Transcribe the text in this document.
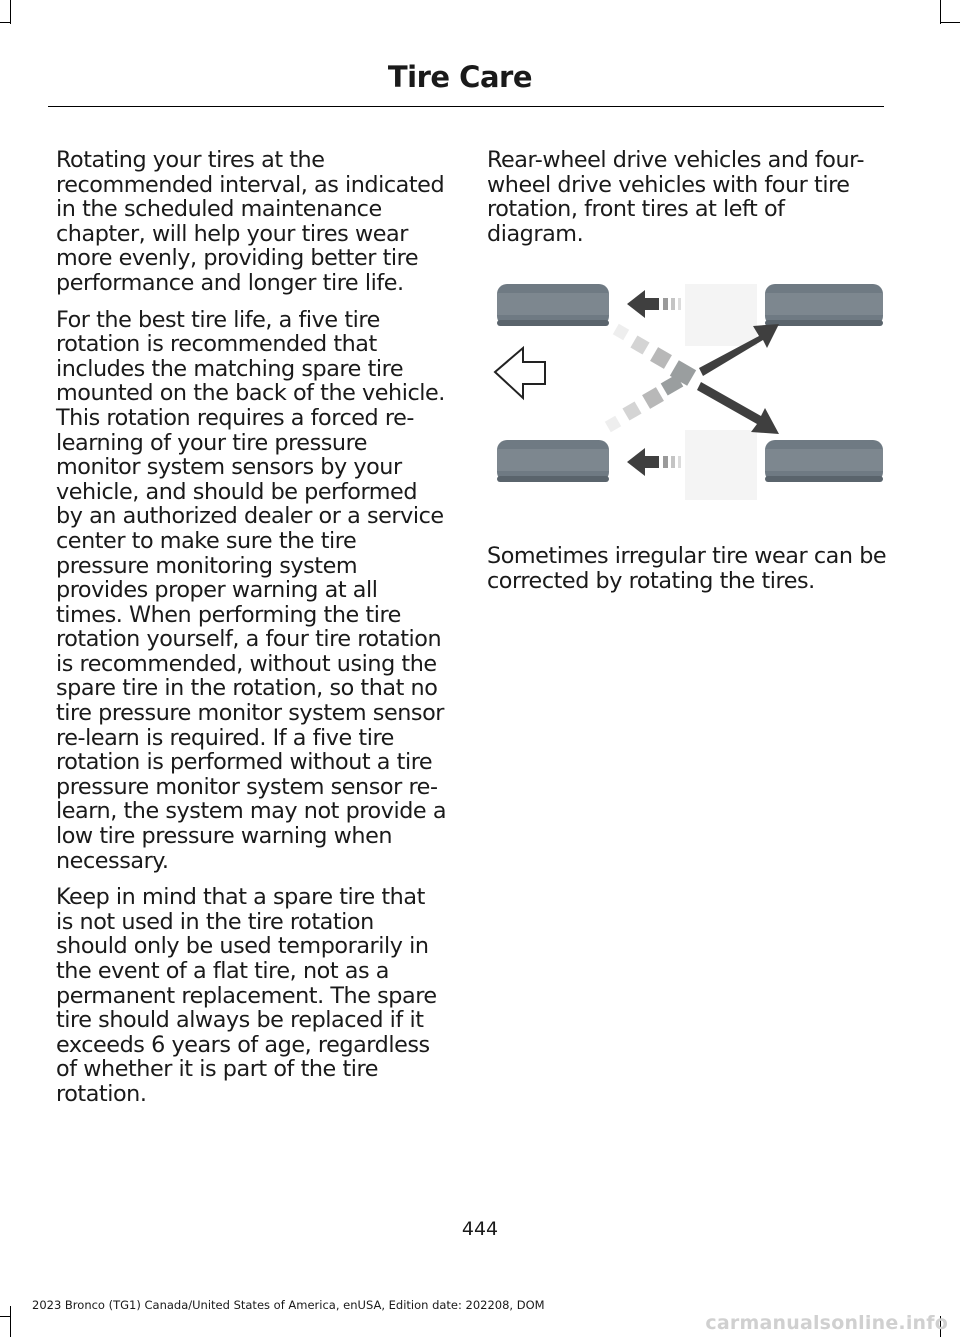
Tire Care

Rotating your tires at the recommended interval, as indicated in the scheduled maintenance chapter, will help your tires wear more evenly, providing better tire performance and longer tire life.

For the best tire life, a five tire rotation is recommended that includes the matching spare tire mounted on the back of the vehicle. This rotation requires a forced re-learning of your tire pressure monitor system sensors by your vehicle, and should be performed by an authorized dealer or a service center to make sure the tire pressure monitoring system provides proper warning at all times. When performing the tire rotation yourself, a four tire rotation is recommended, without using the spare tire in the rotation, so that no tire pressure monitor system sensor re-learn is required. If a five tire rotation is performed without a tire pressure monitor system sensor re-learn, the system may not provide a low tire pressure warning when necessary.

Keep in mind that a spare tire that is not used in the tire rotation should only be used temporarily in the event of a flat tire, not as a permanent replacement. The spare tire should always be replaced if it exceeds 6 years of age, regardless of whether it is part of the tire rotation.

Rear-wheel drive vehicles and four-wheel drive vehicles with four tire rotation, front tires at left of diagram.

Sometimes irregular tire wear can be corrected by rotating the tires.

444
2023 Bronco (TG1) Canada/United States of America, enUSA, Edition date: 202208, DOM
carmanualsonline.info
